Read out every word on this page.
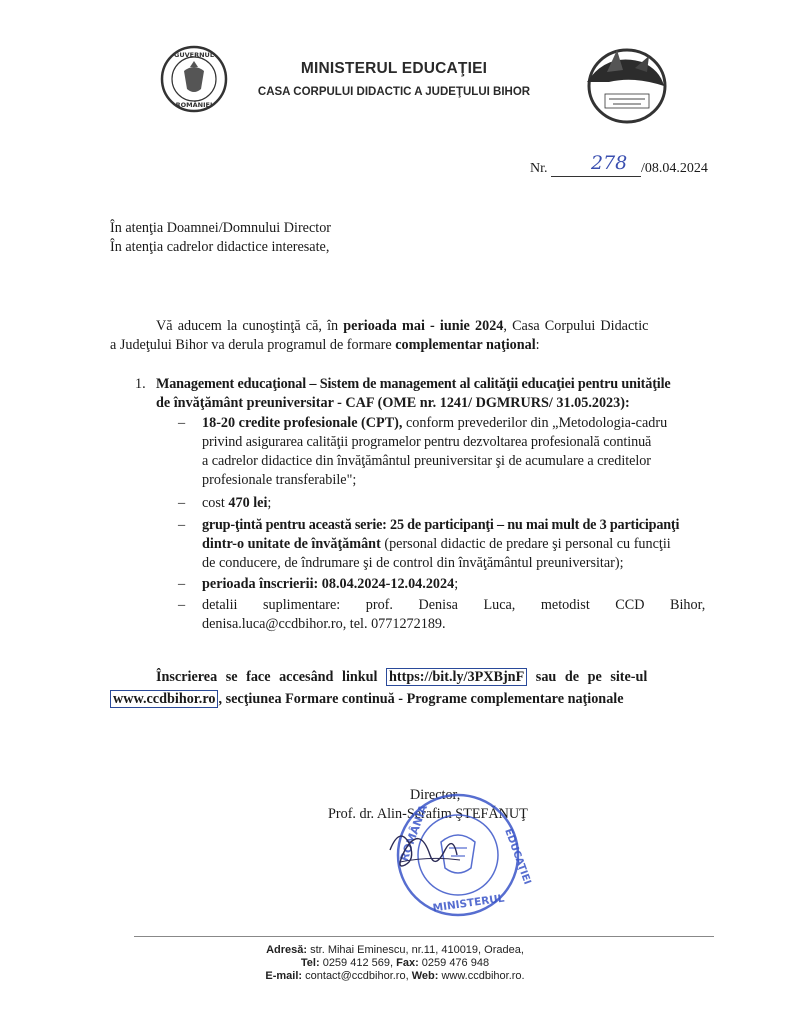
GUVERNUL
ROMÂNIEI
MINISTERUL EDUCAŢIEI
CASA CORPULUI DIDACTIC A JUDEŢULUI BIHOR
Nr. 278 /08.04.2024
În atenţia Doamnei/Domnului Director
În atenţia cadrelor didactice interesate,
Vă aducem la cunoştinţă că, în perioada mai - iunie 2024, Casa Corpului Didactic
a Judeţului Bihor va derula programul de formare complementar naţional:
1. Management educaţional – Sistem de management al calităţii educaţiei pentru unităţile
de învăţământ preuniversitar - CAF (OME nr. 1241/ DGMRURS/ 31.05.2023):
– 18-20 credite profesionale (CPT), conform prevederilor din „Metodologia-cadru
privind asigurarea calităţii programelor pentru dezvoltarea profesională continuă
a cadrelor didactice din învăţământul preuniversitar şi de acumulare a creditelor
profesionale transferabile";
– cost 470 lei;
– grup-ţintă pentru această serie: 25 de participanţi – nu mai mult de 3 participanţi
dintr-o unitate de învăţământ (personal didactic de predare şi personal cu funcţii
de conducere, de îndrumare şi de control din învăţământul preuniversitar);
– perioada înscrierii: 08.04.2024-12.04.2024;
– detalii suplimentare: prof. Denisa Luca, metodist CCD Bihor,
denisa.luca@ccdbihor.ro, tel. 0771272189.
Înscrierea se face accesând linkul https://bit.ly/3PXBjnF sau de pe site-ul
www.ccdbihor.ro , secţiunea Formare continuă - Programe complementare naţionale
Director,
Prof. dr. Alin-Serafim ŞTEFĂNUŢ
ROMÂNIA
MINISTERUL
EDUCAŢIEI
Adresă: str. Mihai Eminescu, nr.11, 410019, Oradea,
Tel: 0259 412 569, Fax: 0259 476 948
E-mail: contact@ccdbihor.ro, Web: www.ccdbihor.ro.
